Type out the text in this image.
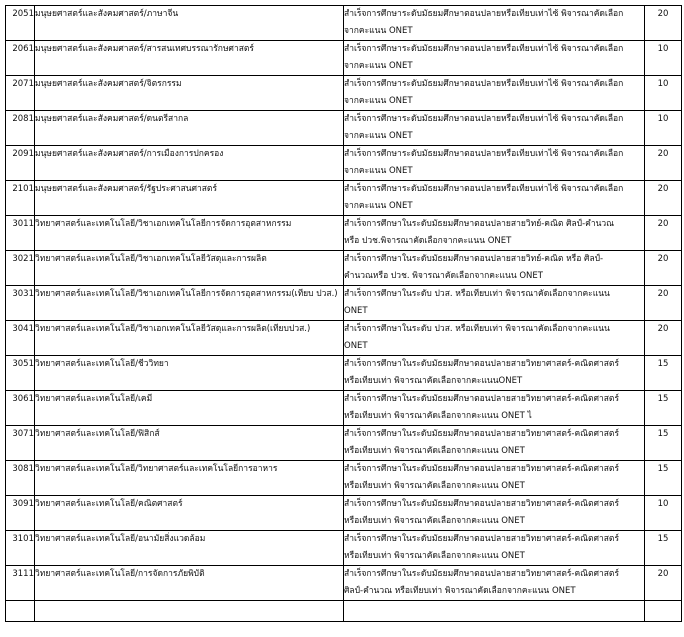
2051	มนุษยศาสตร์และสังคมศาสตร์/ภาษาจีน	สำเร็จการศึกษาระดับมัธยมศึกษาตอนปลายหรือเทียบเท่าไซ้ พิจารณาคัดเลือก
จากคะแนน ONET	20
2061	มนุษยศาสตร์และสังคมศาสตร์/สารสนเทศบรรณารักษศาสตร์	สำเร็จการศึกษาระดับมัธยมศึกษาตอนปลายหรือเทียบเท่าไซ้ พิจารณาคัดเลือก
จากคะแนน ONET	10
2071	มนุษยศาสตร์และสังคมศาสตร์/จิตรกรรม	สำเร็จการศึกษาระดับมัธยมศึกษาตอนปลายหรือเทียบเท่าไซ้ พิจารณาคัดเลือก
จากคะแนน ONET	10
2081	มนุษยศาสตร์และสังคมศาสตร์/ดนตรีสากล	สำเร็จการศึกษาระดับมัธยมศึกษาตอนปลายหรือเทียบเท่าไซ้ พิจารณาคัดเลือก
จากคะแนน ONET	10
2091	มนุษยศาสตร์และสังคมศาสตร์/การเมืองการปกครอง	สำเร็จการศึกษาระดับมัธยมศึกษาตอนปลายหรือเทียบเท่าไซ้ พิจารณาคัดเลือก
จากคะแนน ONET	20
2101	มนุษยศาสตร์และสังคมศาสตร์/รัฐประศาสนศาสตร์	สำเร็จการศึกษาระดับมัธยมศึกษาตอนปลายหรือเทียบเท่าไซ้ พิจารณาคัดเลือก
จากคะแนน ONET	20
3011	วิทยาศาสตร์และเทคโนโลยี/วิชาเอกเทคโนโลยีการจัดการอุตสาหกรรม	สำเร็จการศึกษาในระดับมัธยมศึกษาตอนปลายสายวิทย์-คณิต ศิลป์-คำนวณ
หรือ ปวช.พิจารณาคัดเลือกจากคะแนน ONET	20
3021	วิทยาศาสตร์และเทคโนโลยี/วิชาเอกเทคโนโลยีวัสดุและการผลิต	สำเร็จการศึกษาในระดับมัธยมศึกษาตอนปลายสายวิทย์-คณิต หรือ ศิลป์-
คำนวณหรือ ปวช. พิจารณาคัดเลือกจากคะแนน ONET	20
3031	วิทยาศาสตร์และเทคโนโลยี/วิชาเอกเทคโนโลยีการจัดการอุตสาหกรรม(เทียบ ปวส.)	สำเร็จการศึกษาในระดับ ปวส. หรือเทียบเท่า พิจารณาคัดเลือกจากคะแนน
ONET	20
3041	วิทยาศาสตร์และเทคโนโลยี/วิชาเอกเทคโนโลยีวัสดุและการผลิต(เทียบปวส.)	สำเร็จการศึกษาในระดับ ปวส. หรือเทียบเท่า พิจารณาคัดเลือกจากคะแนน
ONET	20
3051	วิทยาศาสตร์และเทคโนโลยี/ชีววิทยา	สำเร็จการศึกษาในระดับมัธยมศึกษาตอนปลายสายวิทยาศาสตร์-คณิตศาสตร์
หรือเทียบเท่า พิจารณาคัดเลือกจากคะแนนONET	15
3061	วิทยาศาสตร์และเทคโนโลยี/เคมี	สำเร็จการศึกษาในระดับมัธยมศึกษาตอนปลายสายวิทยาศาสตร์-คณิตศาสตร์
หรือเทียบเท่า พิจารณาคัดเลือกจากคะแนน ONET ไ	15
3071	วิทยาศาสตร์และเทคโนโลยี/ฟิสิกส์	สำเร็จการศึกษาในระดับมัธยมศึกษาตอนปลายสายวิทยาศาสตร์-คณิตศาสตร์
หรือเทียบเท่า พิจารณาคัดเลือกจากคะแนน ONET	15
3081	วิทยาศาสตร์และเทคโนโลยี/วิทยาศาสตร์และเทคโนโลยีการอาหาร	สำเร็จการศึกษาในระดับมัธยมศึกษาตอนปลายสายวิทยาศาสตร์-คณิตศาสตร์
หรือเทียบเท่า พิจารณาคัดเลือกจากคะแนน ONET	15
3091	วิทยาศาสตร์และเทคโนโลยี/คณิตศาสตร์	สำเร็จการศึกษาในระดับมัธยมศึกษาตอนปลายสายวิทยาศาสตร์-คณิตศาสตร์
หรือเทียบเท่า พิจารณาคัดเลือกจากคะแนน ONET	10
3101	วิทยาศาสตร์และเทคโนโลยี/อนามัยสิ่งแวดล้อม	สำเร็จการศึกษาในระดับมัธยมศึกษาตอนปลายสายวิทยาศาสตร์-คณิตศาสตร์
หรือเทียบเท่า พิจารณาคัดเลือกจากคะแนน ONET	15
3111	วิทยาศาสตร์และเทคโนโลยี/การจัดการภัยพิบัติ	สำเร็จการศึกษาในระดับมัธยมศึกษาตอนปลายสายวิทยาศาสตร์-คณิตศาสตร์
ศิลป์-คำนวณ หรือเทียบเท่า พิจารณาคัดเลือกจากคะแนน ONET	20
